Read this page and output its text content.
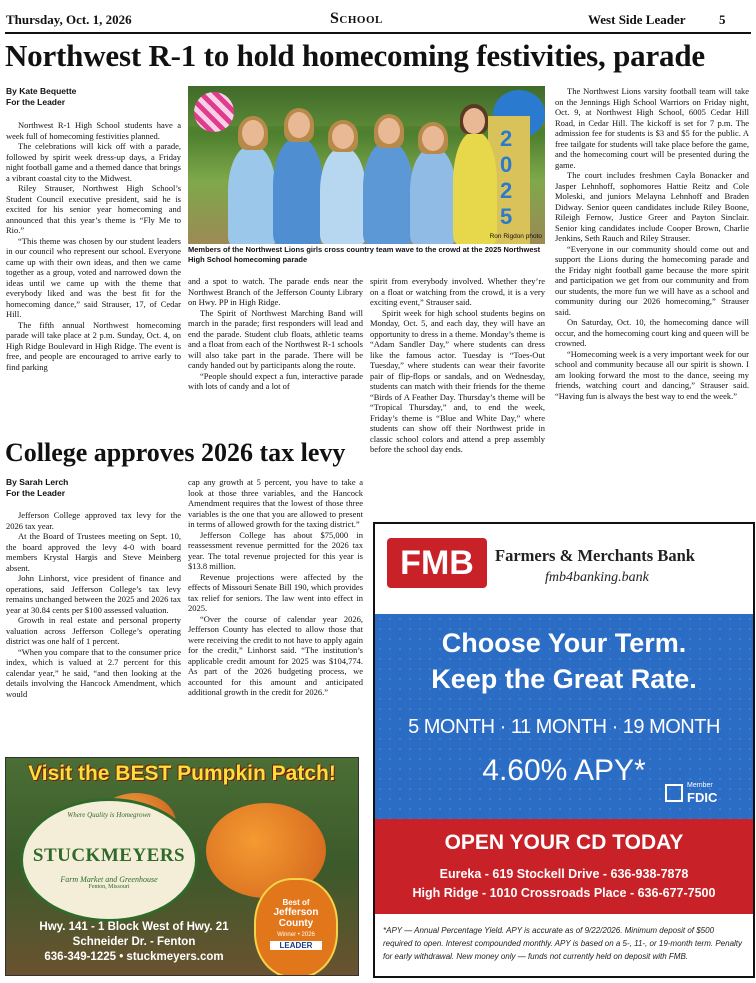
Thursday, Oct. 1, 2026	School	West Side Leader	5
Northwest R-1 to hold homecoming festivities, parade
By Kate Bequette
For the Leader

Northwest R-1 High School students have a week full of homecoming festivities planned.

The celebrations will kick off with a parade, followed by spirit week dress-up days, a Friday night football game and a themed dance that brings a vibrant coastal city to the Midwest.

Riley Strauser, Northwest High School’s Student Council executive president, said he is excited for his senior year homecoming and announced that this year’s theme is “Fly Me to Rio.”

“This theme was chosen by our student leaders in our council who represent our school. Everyone came up with their own ideas, and then we came together as a group, voted and narrowed down the ideas until we came up with the theme that everybody liked and was the best fit for the homecoming dance,” said Strauser, 17, of Cedar Hill.

The fifth annual Northwest homecoming parade will take place at 2 p.m. Sunday, Oct. 4, on High Ridge Boulevard in High Ridge. The event is free, and people are encouraged to arrive early to find parking

2
0
2
5
Ron Rigdon photo
Members of the Northwest Lions girls cross country team wave to the crowd at the 2025 Northwest High School homecoming parade

and a spot to watch. The parade ends near the Northwest Branch of the Jefferson County Library on Hwy. PP in High Ridge.

The Spirit of Northwest Marching Band will march in the parade; first responders will lead and end the parade. Student club floats, athletic teams and a float from each of the Northwest R-1 schools will also take part in the parade. There will be candy handed out by participants along the route.

“People should expect a fun, interactive parade with lots of candy and a lot of

spirit from everybody involved. Whether they’re on a float or watching from the crowd, it is a very exciting event,” Strauser said.

Spirit week for high school students begins on Monday, Oct. 5, and each day, they will have an opportunity to dress in a theme. Monday’s theme is “Adam Sandler Day,” where students can dress like the famous actor. Tuesday is “Toes-Out Tuesday,” where students can wear their favorite pair of flip-flops or sandals, and on Wednesday, students can match with their friends for the theme “Birds of A Feather Day. Thursday’s theme will be “Tropical Thursday,” and, to end the week, Friday’s theme is “Blue and White Day,” where students can show off their Northwest pride in classic school colors and attend a prep assembly before the school day ends.

The Northwest Lions varsity football team will take on the Jennings High School Warriors on Friday night, Oct. 9, at Northwest High School, 6005 Cedar Hill Road, in Cedar Hill. The kickoff is set for 7 p.m. The admission fee for students is $3 and $5 for the public. A free tailgate for students will take place before the game, and the homecoming court will be presented during the game.

The court includes freshmen Cayla Bonacker and Jasper Lehnhoff, sophomores Hattie Reitz and Cole Moleski, and juniors Melayna Lehnhoff and Braden Didway. Senior queen candidates include Riley Boone, Rileigh Fernow, Justice Greer and Payton Sinclair. Senior king candidates include Cooper Brown, Charlie Jenkins, Seth Rauch and Riley Strauser.

“Everyone in our community should come out and support the Lions during the homecoming parade and the Friday night football game because the more spirit and participation we get from our community and from our students, the more fun we will have as a school and community during our 2026 homecoming,” Strauser said.

On Saturday, Oct. 10, the homecoming dance will occur, and the homecoming court king and queen will be crowned.

“Homecoming week is a very important week for our school and community because all our spirit is shown. I am looking forward the most to the dance, seeing my friends, watching court and dancing,” Strauser said. “Having fun is always the best way to end the week.”

College approves 2026 tax levy
By Sarah Lerch
For the Leader

Jefferson College approved tax levy for the 2026 tax year.

At the Board of Trustees meeting on Sept. 10, the board approved the levy 4-0 with board members Krystal Hargis and Steve Meinberg absent.

John Linhorst, vice president of finance and operations, said Jefferson College’s tax levy remains unchanged between the 2025 and 2026 tax year at 30.84 cents per $100 assessed valuation.

Growth in real estate and personal property valuation across Jefferson College’s operating district was one half of 1 percent.

“When you compare that to the consumer price index, which is valued at 2.7 percent for this calendar year,” he said, “and then looking at the details involving the Hancock Amendment, which would

cap any growth at 5 percent, you have to take a look at those three variables, and the Hancock Amendment requires that the lowest of those three variables is the one that you are allowed to present in terms of allowed growth for the taxing district.”

Jefferson College has about $75,000 in reassessment revenue permitted for the 2026 tax year. The total revenue projected for this year is $13.8 million.

Revenue projections were affected by the effects of Missouri Senate Bill 190, which provides tax relief for seniors. The law went into effect in 2025.

“Over the course of calendar year 2026, Jefferson County has elected to allow those that were receiving the credit to not have to apply again for the credit,” Linhorst said. “The institution’s applicable credit amount for 2025 was $104,774. As part of the 2026 budgeting process, we accounted for this amount and anticipated additional growth in the credit for 2026.”

Visit the BEST Pumpkin Patch!
Where Quality is Homegrown
STUCKMEYERS
Farm Market and Greenhouse
Fenton, Missouri
Best of
Jefferson County
Winner • 2026
LEADER
Hwy. 141 - 1 Block West of Hwy. 21
Schneider Dr. - Fenton
636-349-1225 • stuckmeyers.com
FMB	Farmers & Merchants Bank
fmb4banking.bank
Choose Your Term.
Keep the Great Rate.
5 MONTH · 11 MONTH · 19 MONTH
4.60% APY*	Member
FDIC
OPEN YOUR CD TODAY
Eureka - 619 Stockell Drive - 636-938-7878
High Ridge - 1010 Crossroads Place - 636-677-7500
*APY — Annual Percentage Yield. APY is accurate as of 9/22/2026. Minimum deposit of $500 required to open. Interest compounded monthly. APY is based on a 5-, 11-, or 19-month term. Penalty for early withdrawal. New money only — funds not currently held on deposit with FMB.
